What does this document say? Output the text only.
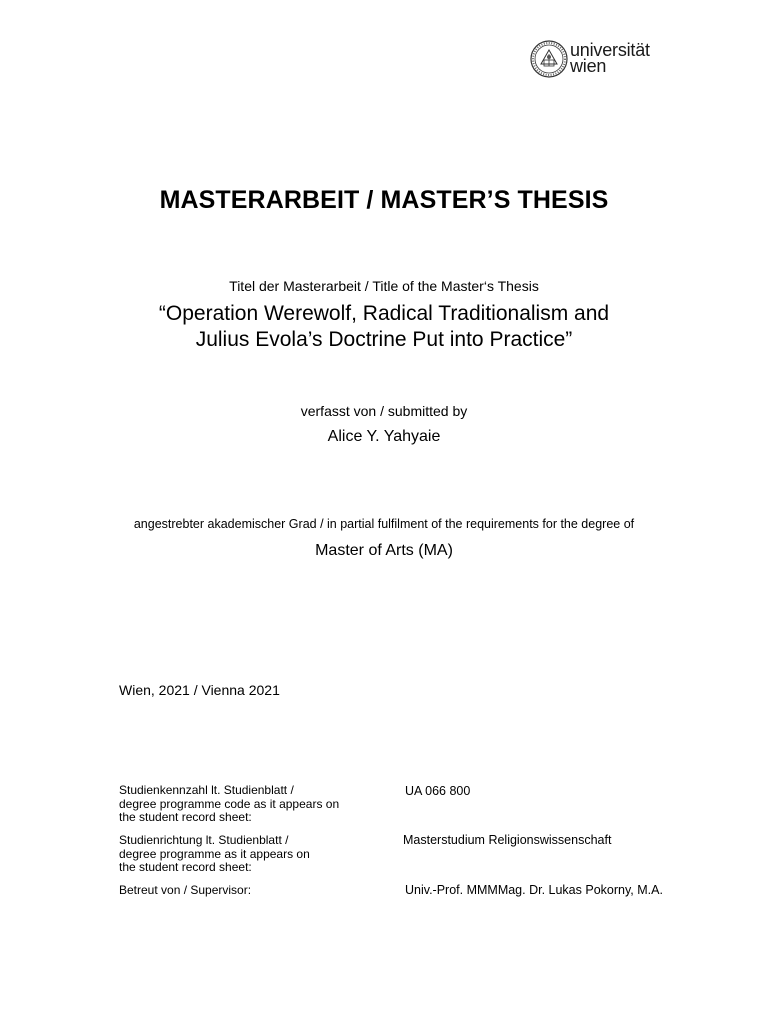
universität
wien
MASTERARBEIT / MASTER’S THESIS
Titel der Masterarbeit / Title of the Master‘s Thesis
“Operation Werewolf, Radical Traditionalism and
Julius Evola’s Doctrine Put into Practice”
verfasst von / submitted by
Alice Y. Yahyaie
angestrebter akademischer Grad / in partial fulfilment of the requirements for the degree of
Master of Arts (MA)
Wien, 2021 / Vienna 2021
Studienkennzahl lt. Studienblatt /
degree programme code as it appears on
the student record sheet:
UA 066 800
Studienrichtung lt. Studienblatt /
degree programme as it appears on
the student record sheet:
Masterstudium Religionswissenschaft
Betreut von / Supervisor:	Univ.-Prof. MMMMag. Dr. Lukas Pokorny, M.A.
